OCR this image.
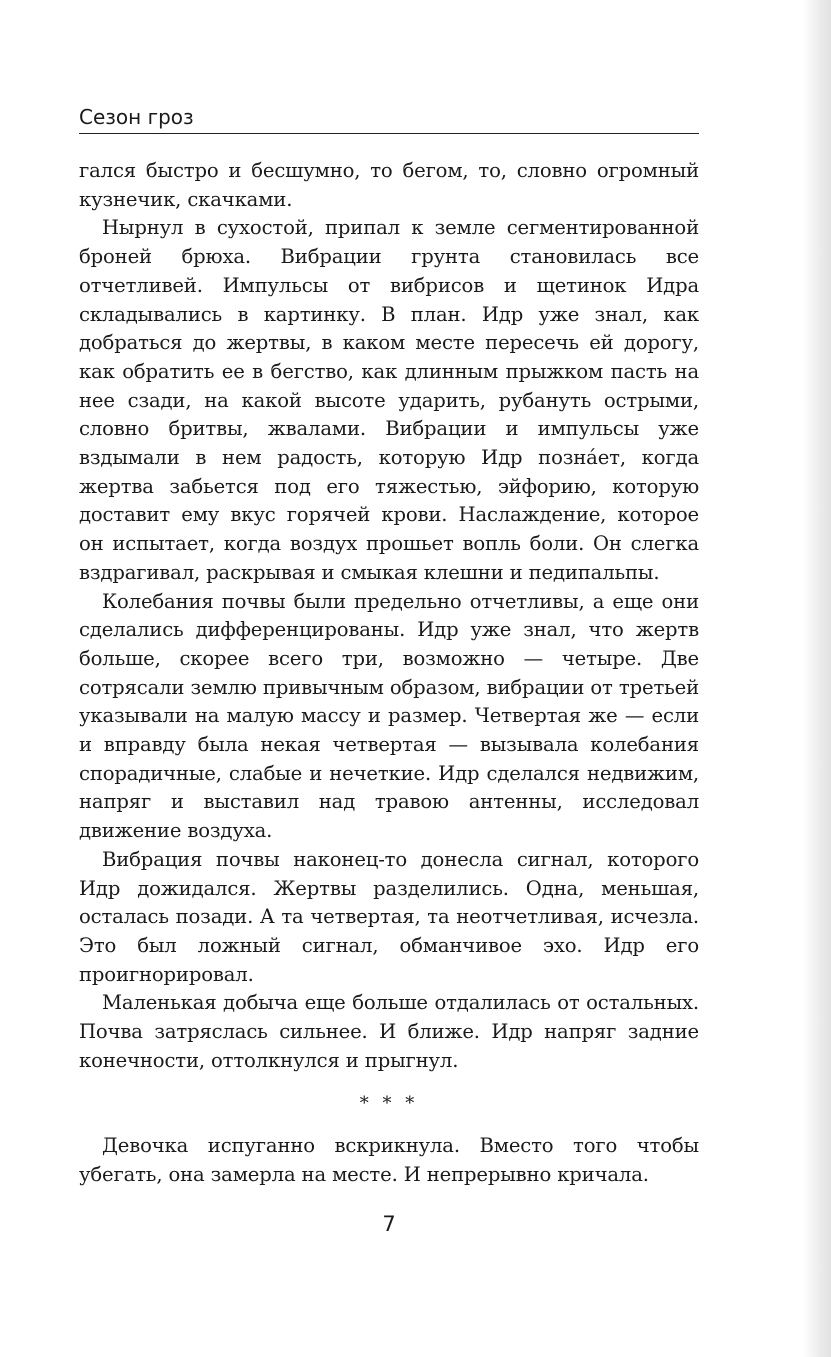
Сезон гроз

гался быстро и бесшумно, то бегом, то, словно огромный кузнечик, скачками.

Нырнул в сухостой, припал к земле сегментированной броней брюха. Вибрации грунта становилась все отчетливей. Импульсы от вибрисов и щетинок Идра складывались в картинку. В план. Идр уже знал, как добраться до жертвы, в каком месте пересечь ей дорогу, как обратить ее в бегство, как длинным прыжком пасть на нее сзади, на какой высоте ударить, рубануть острыми, словно бритвы, жвалами. Вибрации и импульсы уже вздымали в нем радость, которую Идр познáет, когда жертва забьется под его тяжестью, эйфорию, которую доставит ему вкус горячей крови. Наслаждение, которое он испытает, когда воздух прошьет вопль боли. Он слегка вздрагивал, раскрывая и смыкая клешни и педипальпы.

Колебания почвы были предельно отчетливы, а еще они сделались дифференцированы. Идр уже знал, что жертв больше, скорее всего три, возможно — четыре. Две сотрясали землю привычным образом, вибрации от третьей указывали на малую массу и размер. Четвертая же — если и вправду была некая четвертая — вызывала колебания спорадичные, слабые и нечеткие. Идр сделался недвижим, напряг и выставил над травою антенны, исследовал движение воздуха.

Вибрация почвы наконец-то донесла сигнал, которого Идр дожидался. Жертвы разделились. Одна, меньшая, осталась позади. А та четвертая, та неотчетливая, исчезла. Это был ложный сигнал, обманчивое эхо. Идр его проигнорировал.

Маленькая добыча еще больше отдалилась от остальных. Почва затряслась сильнее. И ближе. Идр напряг задние конечности, оттолкнулся и прыгнул.

* * *

Девочка испуганно вскрикнула. Вместо того чтобы убегать, она замерла на месте. И непрерывно кричала.

7
